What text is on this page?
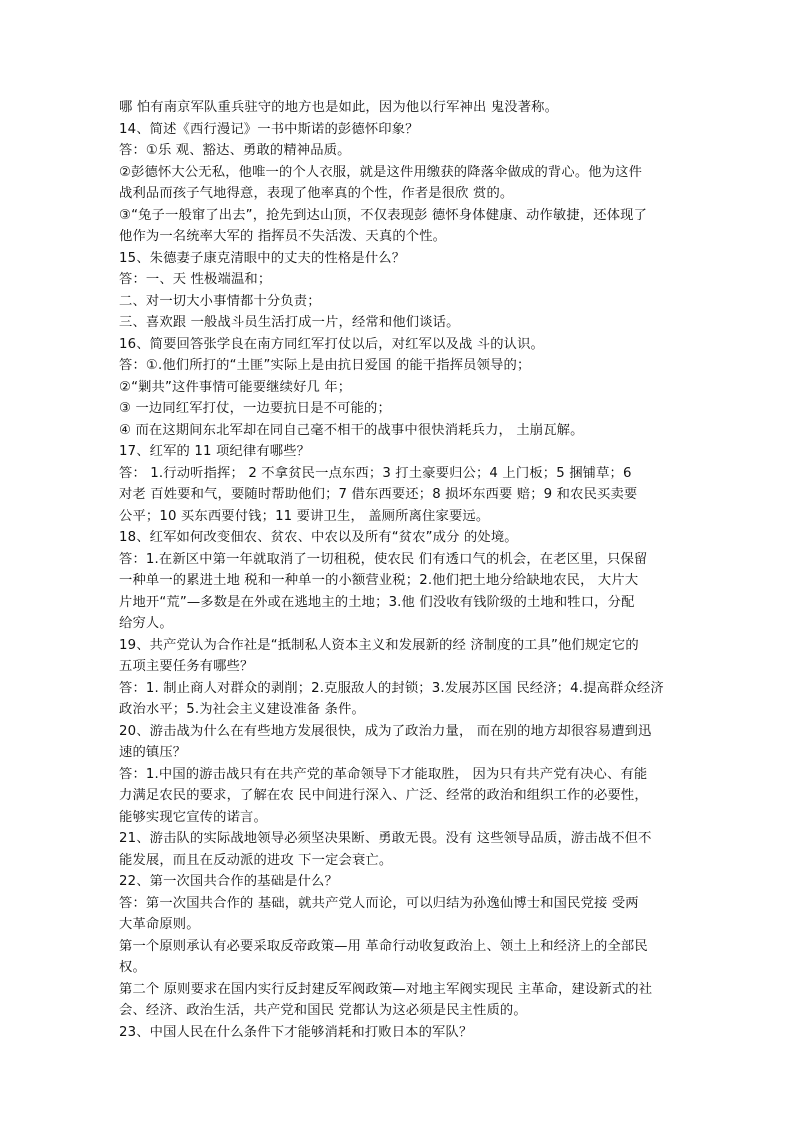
哪 怕有南京军队重兵驻守的地方也是如此，因为他以行军神出 鬼没著称。
14、简述《西行漫记》一书中斯诺的彭德怀印象？
答：①乐 观、豁达、勇敢的精神品质。
②彭德怀大公无私，他唯一的个人衣服，就是这件用缴获的降落伞做成的背心。他为这件
战利品而孩子气地得意，表现了他率真的个性，作者是很欣 赏的。
③“兔子一般窜了出去”，抢先到达山顶，不仅表现彭 德怀身体健康、动作敏捷，还体现了
他作为一名统率大军的 指挥员不失活泼、天真的个性。
15、朱德妻子康克清眼中的丈夫的性格是什么？
答：一、天 性极端温和；
二、对一切大小事情都十分负责；
三、喜欢跟 一般战斗员生活打成一片，经常和他们谈话。
16、简要回答张学良在南方同红军打仗以后，对红军以及战 斗的认识。
答：①.他们所打的“土匪”实际上是由抗日爱国 的能干指挥员领导的；
②“剿共”这件事情可能要继续好几 年；
③ 一边同红军打仗，一边要抗日是不可能的；
④ 而在这期间东北军却在同自己毫不相干的战事中很快消耗兵力， 土崩瓦解。
17、红军的 11 项纪律有哪些？
答： 1.行动听指挥； 2 不拿贫民一点东西；3 打土豪要归公；4 上门板；5 捆铺草；6
对老 百姓要和气，要随时帮助他们；7 借东西要还；8 损坏东西要 赔；9 和农民买卖要
公平；10 买东西要付钱；11 要讲卫生， 盖厕所离住家要远。
18、红军如何改变佃农、贫农、中农以及所有“贫农”成分 的处境。
答：1.在新区中第一年就取消了一切租税，使农民 们有透口气的机会，在老区里，只保留
一种单一的累进土地 税和一种单一的小额营业税；2.他们把土地分给缺地农民， 大片大
片地开“荒”—多数是在外或在逃地主的土地；3.他 们没收有钱阶级的土地和牲口，分配
给穷人。
19、共产党认为合作社是“抵制私人资本主义和发展新的经 济制度的工具”他们规定它的
五项主要任务有哪些？
答：1. 制止商人对群众的剥削；2.克服敌人的封锁；3.发展苏区国 民经济；4.提高群众经济
政治水平；5.为社会主义建设准备 条件。
20、游击战为什么在有些地方发展很快，成为了政治力量， 而在别的地方却很容易遭到迅
速的镇压？
答：1.中国的游击战只有在共产党的革命领导下才能取胜， 因为只有共产党有决心、有能
力满足农民的要求，了解在农 民中间进行深入、广泛、经常的政治和组织工作的必要性，
能够实现它宣传的诺言。
21、游击队的实际战地领导必须坚决果断、勇敢无畏。没有 这些领导品质，游击战不但不
能发展，而且在反动派的进攻 下一定会衰亡。
22、第一次国共合作的基础是什么？
答：第一次国共合作的 基础，就共产党人而论，可以归结为孙逸仙博士和国民党接 受两
大革命原则。
第一个原则承认有必要采取反帝政策—用 革命行动收复政治上、领土上和经济上的全部民
权。
第二个 原则要求在国内实行反封建反军阀政策—对地主军阀实现民 主革命，建设新式的社
会、经济、政治生活，共产党和国民 党都认为这必须是民主性质的。
23、中国人民在什么条件下才能够消耗和打败日本的军队？
